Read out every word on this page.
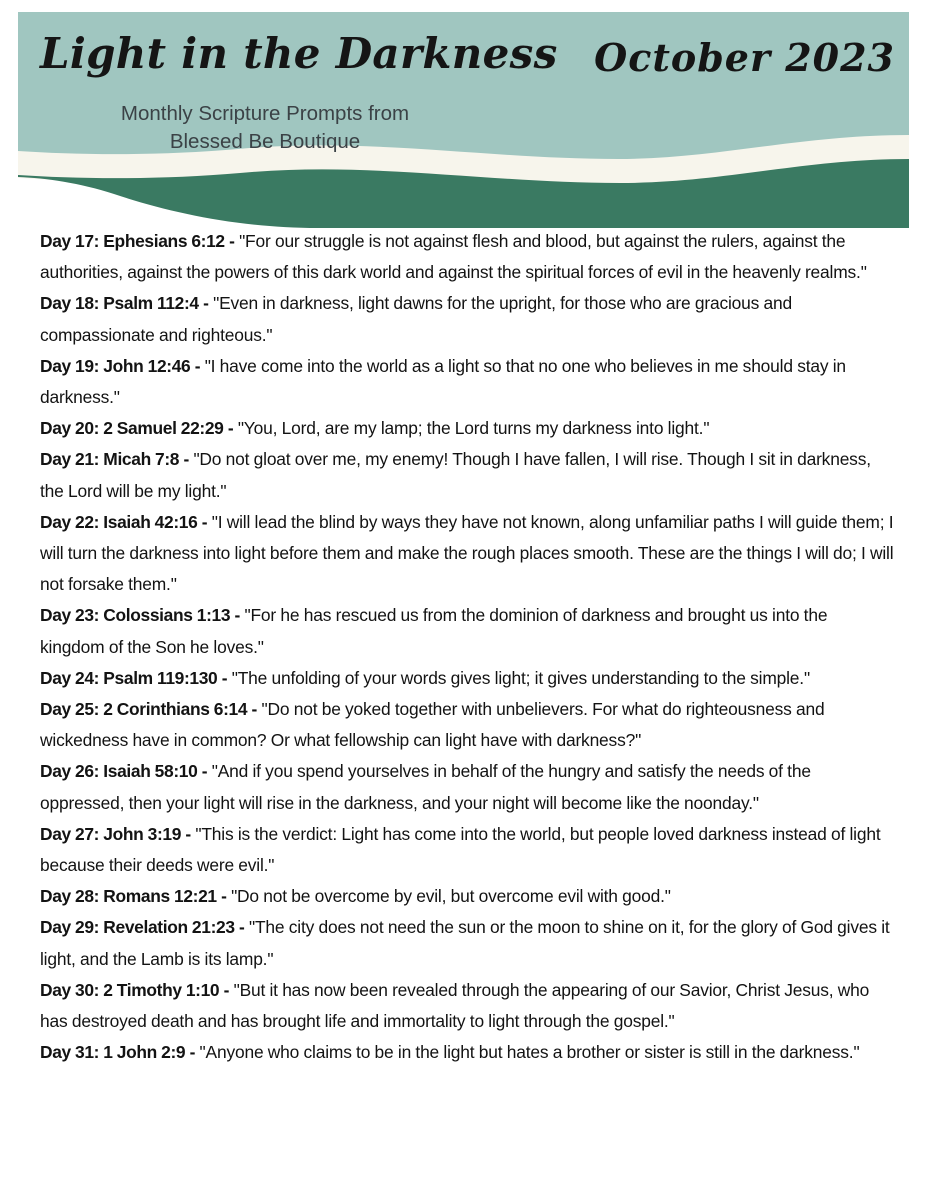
Light in the Darkness October 2023
Monthly Scripture Prompts from
Blessed Be Boutique

Day 17: Ephesians 6:12 - "For our struggle is not against flesh and blood, but against the rulers, against the authorities, against the powers of this dark world and against the spiritual forces of evil in the heavenly realms."

Day 18: Psalm 112:4 - "Even in darkness, light dawns for the upright, for those who are gracious and compassionate and righteous."

Day 19: John 12:46 - "I have come into the world as a light so that no one who believes in me should stay in darkness."

Day 20: 2 Samuel 22:29 - "You, Lord, are my lamp; the Lord turns my darkness into light."

Day 21: Micah 7:8 - "Do not gloat over me, my enemy! Though I have fallen, I will rise. Though I sit in darkness, the Lord will be my light."

Day 22: Isaiah 42:16 - "I will lead the blind by ways they have not known, along unfamiliar paths I will guide them; I will turn the darkness into light before them and make the rough places smooth. These are the things I will do; I will not forsake them."

Day 23: Colossians 1:13 - "For he has rescued us from the dominion of darkness and brought us into the kingdom of the Son he loves."

Day 24: Psalm 119:130 - "The unfolding of your words gives light; it gives understanding to the simple."

Day 25: 2 Corinthians 6:14 - "Do not be yoked together with unbelievers. For what do righteousness and wickedness have in common? Or what fellowship can light have with darkness?"

Day 26: Isaiah 58:10 - "And if you spend yourselves in behalf of the hungry and satisfy the needs of the oppressed, then your light will rise in the darkness, and your night will become like the noonday."

Day 27: John 3:19 - "This is the verdict: Light has come into the world, but people loved darkness instead of light because their deeds were evil."

Day 28: Romans 12:21 - "Do not be overcome by evil, but overcome evil with good."

Day 29: Revelation 21:23 - "The city does not need the sun or the moon to shine on it, for the glory of God gives it light, and the Lamb is its lamp."

Day 30: 2 Timothy 1:10 - "But it has now been revealed through the appearing of our Savior, Christ Jesus, who has destroyed death and has brought life and immortality to light through the gospel."

Day 31: 1 John 2:9 - "Anyone who claims to be in the light but hates a brother or sister is still in the darkness."
